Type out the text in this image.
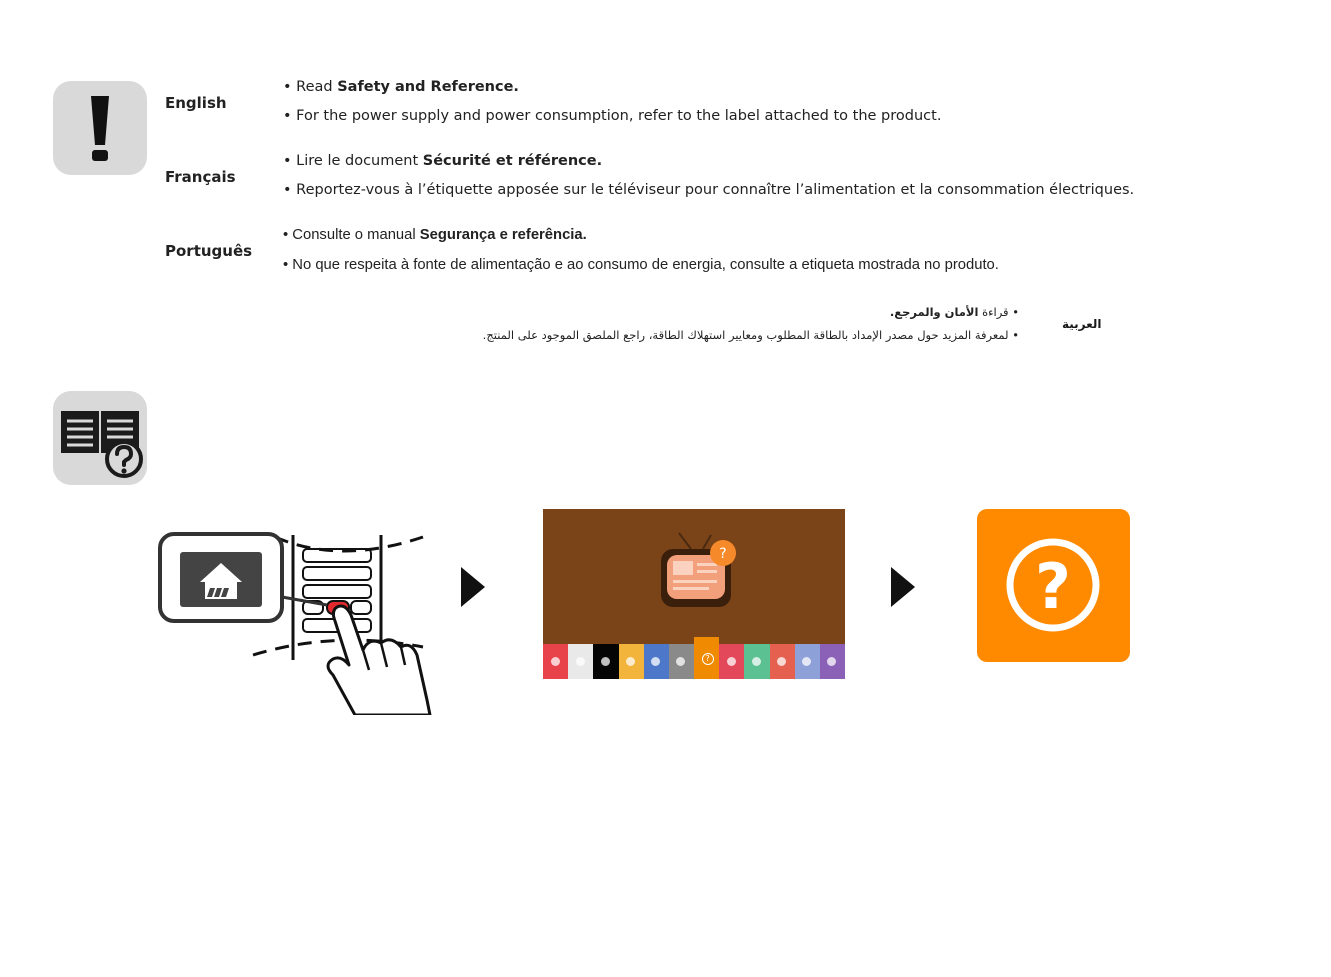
English
• Read Safety and Reference.
• For the power supply and power consumption, refer to the label attached to the product.
Français
• Lire le document Sécurité et référence.
• Reportez-vous à l’étiquette apposée sur le téléviseur pour connaître l’alimentation et la consommation électriques.
Português
• Consulte o manual Segurança e referência.
• No que respeita à fonte de alimentação e ao consumo de energia, consulte a etiqueta mostrada no produto.
العربية
• قراءة الأمان والمرجع.
• لمعرفة المزيد حول مصدر الإمداد بالطاقة المطلوب ومعايير استهلاك الطاقة، راجع الملصق الموجود على المنتج.
?
?
?
